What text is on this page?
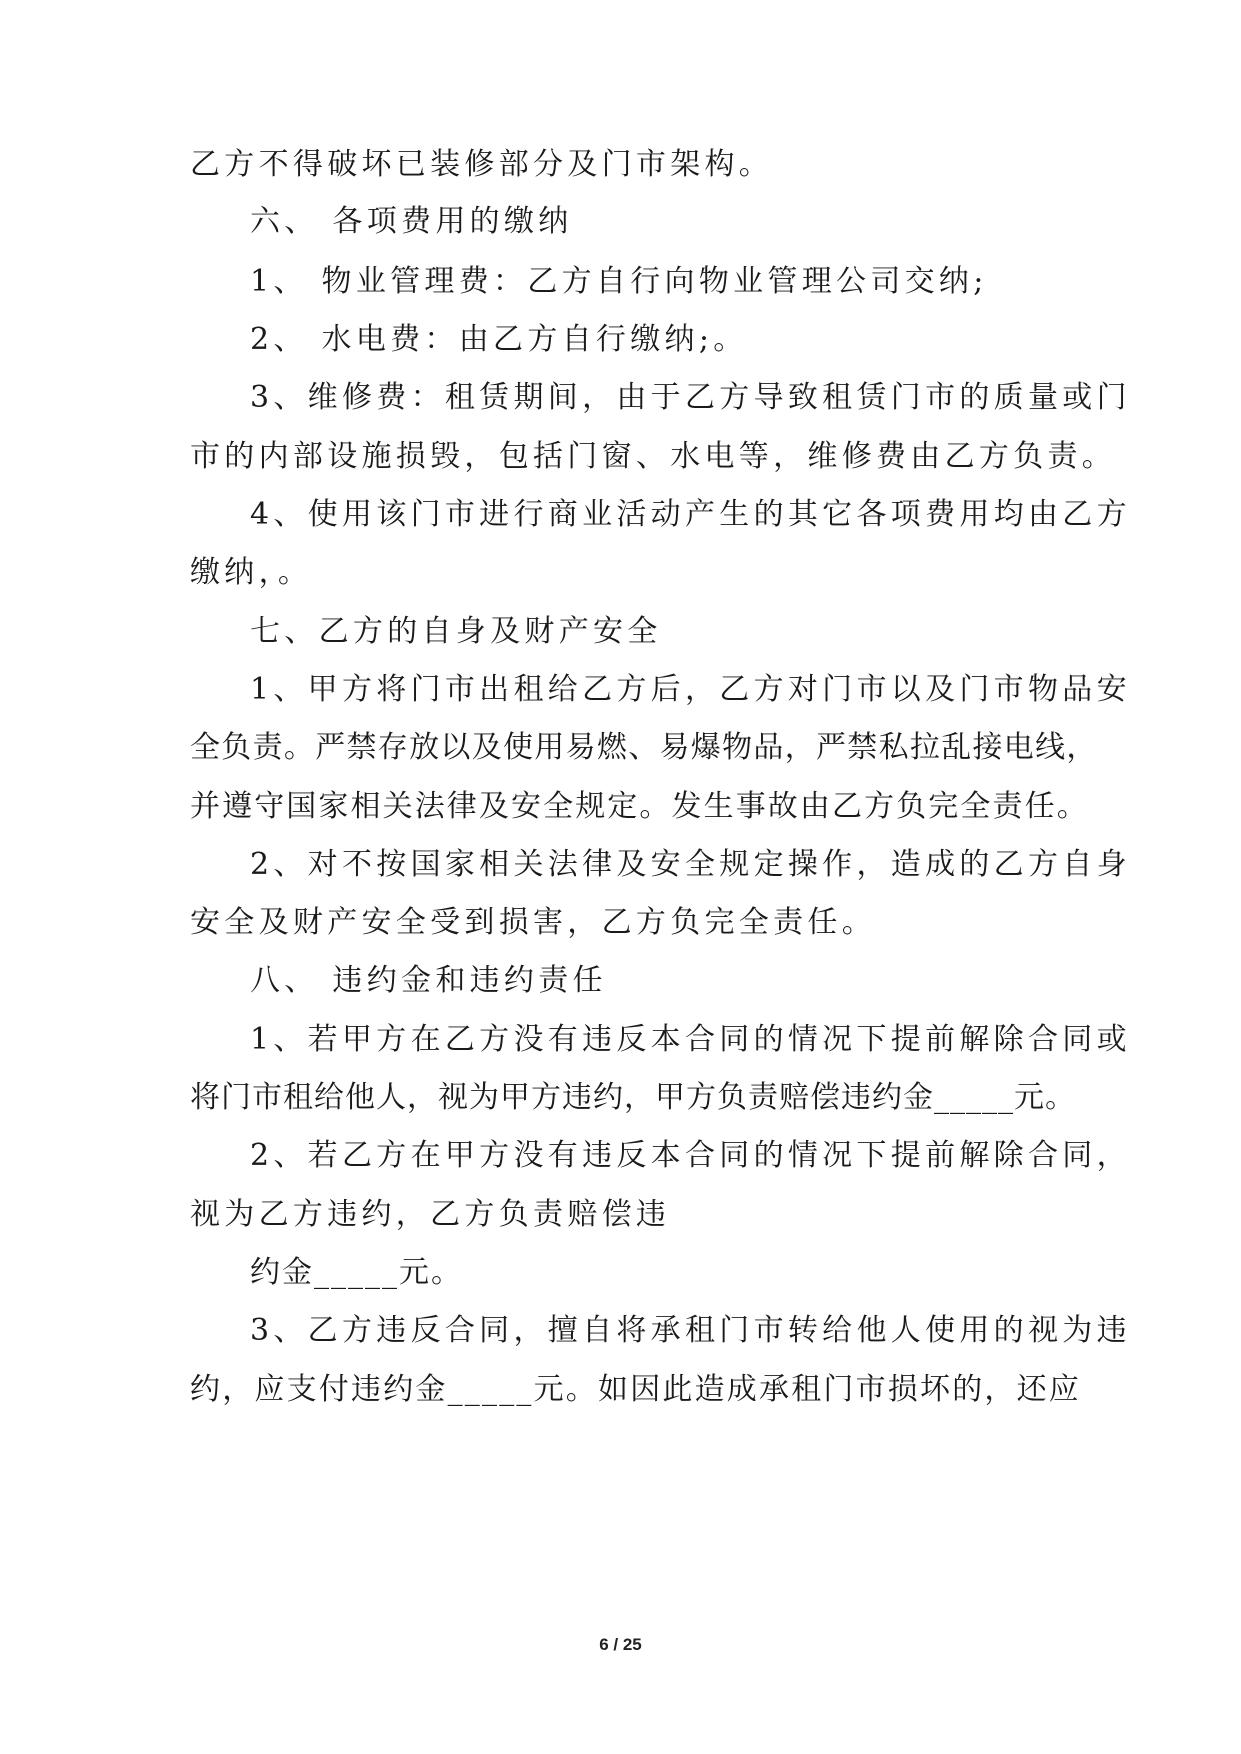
乙方不得破坏已装修部分及门市架构。
六、 各项费用的缴纳
1、 物业管理费：乙方自行向物业管理公司交纳;
2、 水电费：由乙方自行缴纳;。
3、维修费：租赁期间，由于乙方导致租赁门市的质量或门
市的内部设施损毁，包括门窗、水电等，维修费由乙方负责。
4、使用该门市进行商业活动产生的其它各项费用均由乙方
缴纳，。
七、乙方的自身及财产安全
1、甲方将门市出租给乙方后，乙方对门市以及门市物品安
全负责。严禁存放以及使用易燃、易爆物品，严禁私拉乱接电线，
并遵守国家相关法律及安全规定。发生事故由乙方负完全责任。
2、对不按国家相关法律及安全规定操作，造成的乙方自身
安全及财产安全受到损害，乙方负完全责任。
八、 违约金和违约责任
1、若甲方在乙方没有违反本合同的情况下提前解除合同或
将门市租给他人，视为甲方违约，甲方负责赔偿违约金_____元。
2、若乙方在甲方没有违反本合同的情况下提前解除合同，
视为乙方违约，乙方负责赔偿违
约金_____元。
3、乙方违反合同，擅自将承租门市转给他人使用的视为违
约，应支付违约金_____元。如因此造成承租门市损坏的，还应
6 / 25
